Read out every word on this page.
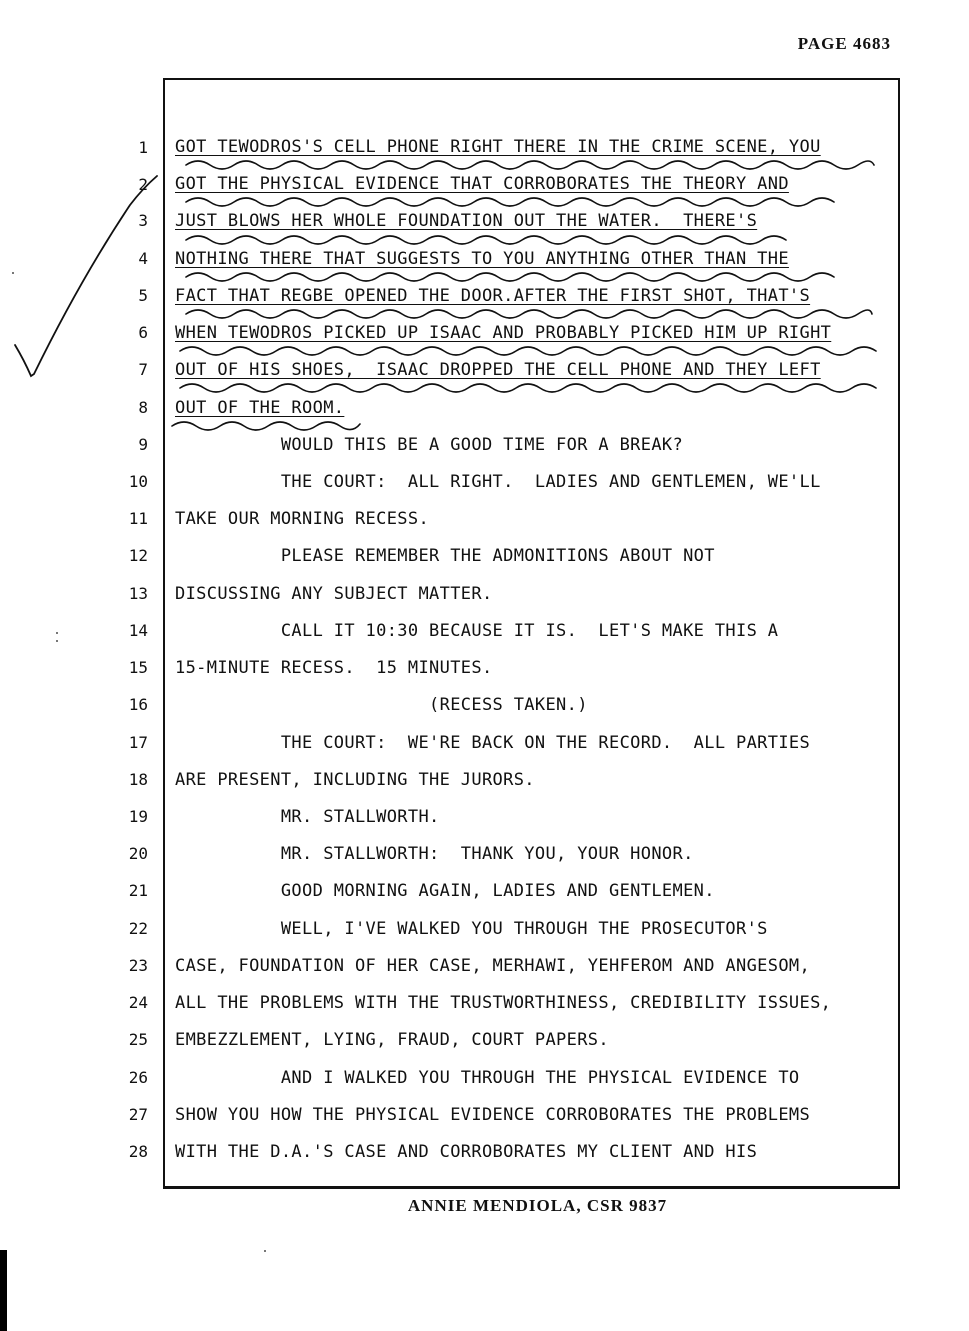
PAGE 4683
1 GOT TEWODROS'S CELL PHONE RIGHT THERE IN THE CRIME SCENE, YOU
2 GOT THE PHYSICAL EVIDENCE THAT CORROBORATES THE THEORY AND
3 JUST BLOWS HER WHOLE FOUNDATION OUT THE WATER.  THERE'S
4 NOTHING THERE THAT SUGGESTS TO YOU ANYTHING OTHER THAN THE
5 FACT THAT REGBE OPENED THE DOOR.AFTER THE FIRST SHOT, THAT'S
6 WHEN TEWODROS PICKED UP ISAAC AND PROBABLY PICKED HIM UP RIGHT
7 OUT OF HIS SHOES,  ISAAC DROPPED THE CELL PHONE AND THEY LEFT
8 OUT OF THE ROOM.
9 WOULD THIS BE A GOOD TIME FOR A BREAK?
10 THE COURT:  ALL RIGHT.  LADIES AND GENTLEMEN, WE'LL
11 TAKE OUR MORNING RECESS.
12 PLEASE REMEMBER THE ADMONITIONS ABOUT NOT
13 DISCUSSING ANY SUBJECT MATTER.
14 CALL IT 10:30 BECAUSE IT IS.  LET'S MAKE THIS A
15 15-MINUTE RECESS.  15 MINUTES.
16 (RECESS TAKEN.)
17 THE COURT:  WE'RE BACK ON THE RECORD.  ALL PARTIES
18 ARE PRESENT, INCLUDING THE JURORS.
19 MR. STALLWORTH.
20 MR. STALLWORTH:  THANK YOU, YOUR HONOR.
21 GOOD MORNING AGAIN, LADIES AND GENTLEMEN.
22 WELL, I'VE WALKED YOU THROUGH THE PROSECUTOR'S
23 CASE, FOUNDATION OF HER CASE, MERHAWI, YEHFEROM AND ANGESOM,
24 ALL THE PROBLEMS WITH THE TRUSTWORTHINESS, CREDIBILITY ISSUES,
25 EMBEZZLEMENT, LYING, FRAUD, COURT PAPERS.
26 AND I WALKED YOU THROUGH THE PHYSICAL EVIDENCE TO
27 SHOW YOU HOW THE PHYSICAL EVIDENCE CORROBORATES THE PROBLEMS
28 WITH THE D.A.'S CASE AND CORROBORATES MY CLIENT AND HIS
ANNIE MENDIOLA, CSR 9837
